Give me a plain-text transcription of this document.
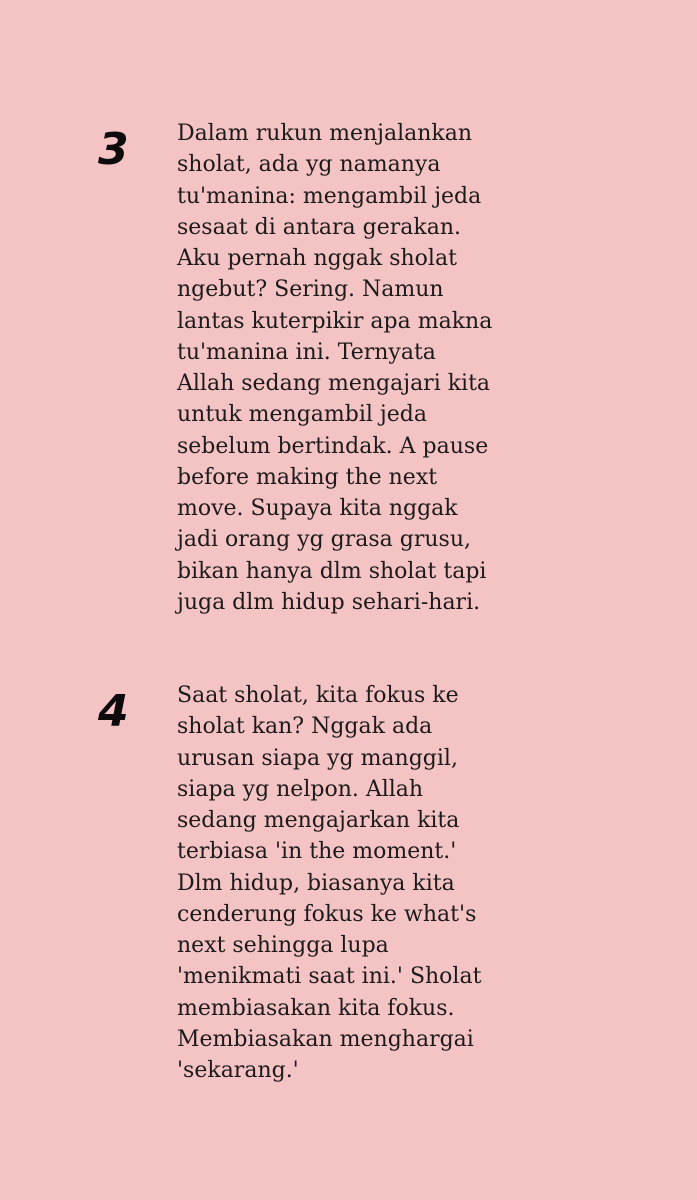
3	Dalam rukun menjalankan
sholat, ada yg namanya
tu'manina: mengambil jeda
sesaat di antara gerakan.
Aku pernah nggak sholat
ngebut? Sering. Namun
lantas kuterpikir apa makna
tu'manina ini. Ternyata
Allah sedang mengajari kita
untuk mengambil jeda
sebelum bertindak. A pause
before making the next
move. Supaya kita nggak
jadi orang yg grasa grusu,
bikan hanya dlm sholat tapi
juga dlm hidup sehari-hari.
4	Saat sholat, kita fokus ke
sholat kan? Nggak ada
urusan siapa yg manggil,
siapa yg nelpon. Allah
sedang mengajarkan kita
terbiasa 'in the moment.'
Dlm hidup, biasanya kita
cenderung fokus ke what's
next sehingga lupa
'menikmati saat ini.' Sholat
membiasakan kita fokus.
Membiasakan menghargai
'sekarang.'
